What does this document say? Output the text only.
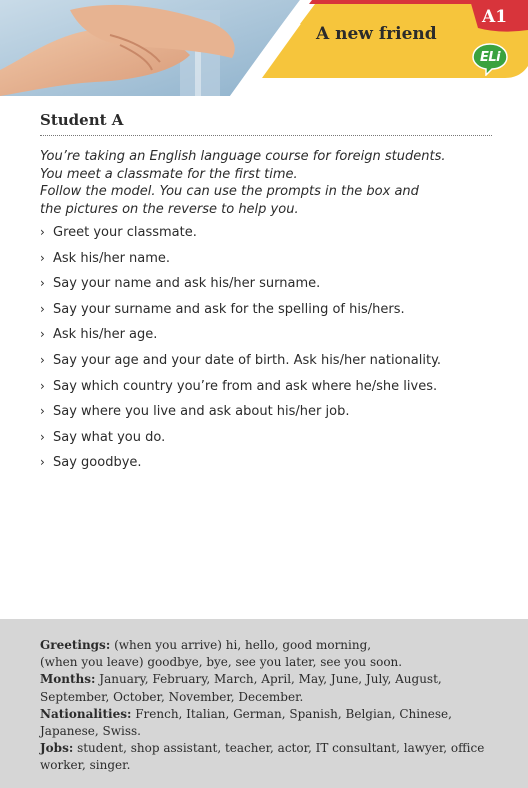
A new friend
A1
ELi
Student A
You’re taking an English language course for foreign students.
You meet a classmate for the first time.
Follow the model. You can use the prompts in the box and
the pictures on the reverse to help you.
› Greet your classmate.
› Ask his/her name.
› Say your name and ask his/her surname.
› Say your surname and ask for the spelling of his/hers.
› Ask his/her age.
› Say your age and your date of birth. Ask his/her nationality.
› Say which country you’re from and ask where he/she lives.
› Say where you live and ask about his/her job.
› Say what you do.
› Say goodbye.
Greetings: (when you arrive) hi, hello, good morning,
(when you leave) goodbye, bye, see you later, see you soon.
Months: January, February, March, April, May, June, July, August,
September, October, November, December.
Nationalities: French, Italian, German, Spanish, Belgian, Chinese,
Japanese, Swiss.
Jobs: student, shop assistant, teacher, actor, IT consultant, lawyer, office
worker, singer.
